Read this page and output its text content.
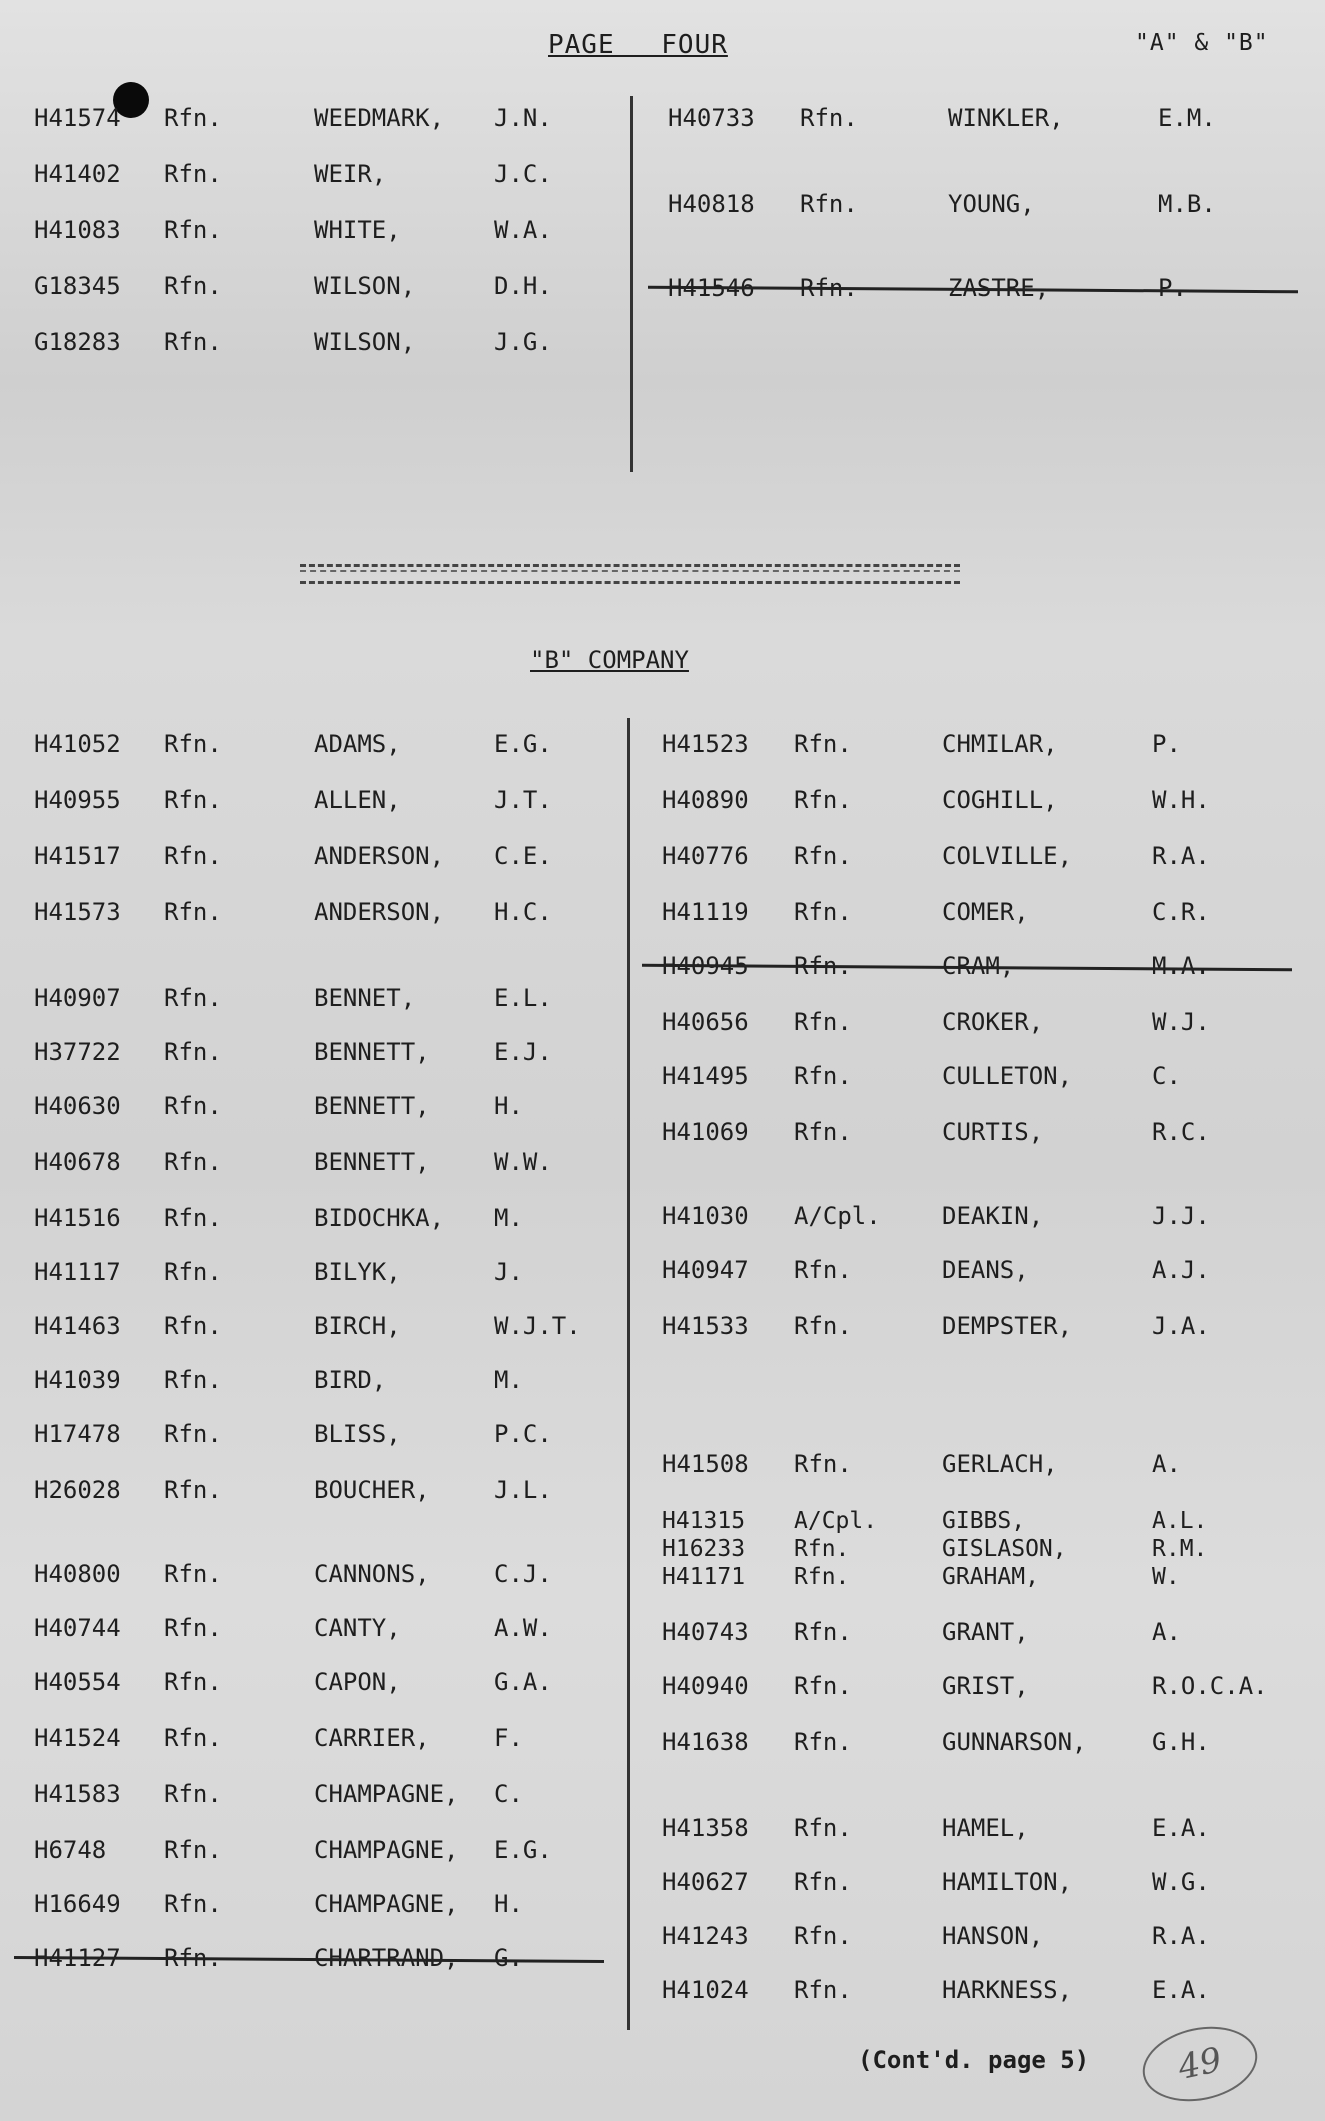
PAGE FOUR	"A" & "B"
H41574 Rfn.	WEEDMARK, J.N.
H41402 Rfn.	WEIR,	J.C.
H41083 Rfn.	WHITE,	W.A.
G18345 Rfn.	WILSON,	D.H.
G18283 Rfn.	WILSON,	J.G.
H40733 Rfn.	WINKLER,	E.M.
H40818 Rfn.	YOUNG,	M.B.
H41546 Rfn.	ZASTRE,	P.
"B" COMPANY
H41052 Rfn.	ADAMS,	E.G.
H40955 Rfn.	ALLEN,	J.T.
H41517 Rfn.	ANDERSON, C.E.
H41573 Rfn.	ANDERSON, H.C.
H40907 Rfn.	BENNET,	E.L.
H37722 Rfn.	BENNETT,	E.J.
H40630 Rfn.	BENNETT,	H.
H40678 Rfn.	BENNETT,	W.W.
H41516 Rfn.	BIDOCHKA, M.
H41117 Rfn.	BILYK,	J.
H41463 Rfn.	BIRCH,	W.J.T.
H41039 Rfn.	BIRD,	M.
H17478 Rfn.	BLISS,	P.C.
H26028 Rfn.	BOUCHER,	J.L.
H40800 Rfn.	CANNONS,	C.J.
H40744 Rfn.	CANTY,	A.W.
H40554 Rfn.	CAPON,	G.A.
H41524 Rfn.	CARRIER,	F.
H41583 Rfn.	CHAMPAGNE, C.
H6748 Rfn.	CHAMPAGNE, E.G.
H16649 Rfn.	CHAMPAGNE, H.
H41127 Rfn.	CHARTRAND, G.
H41523 Rfn.	CHMILAR,	P.
H40890 Rfn.	COGHILL,	W.H.
H40776 Rfn.	COLVILLE,	R.A.
H41119 Rfn.	COMER,	C.R.
H40945 Rfn.	CRAM,	M.A.
H40656 Rfn.	CROKER,	W.J.
H41495 Rfn.	CULLETON,	C.
H41069 Rfn.	CURTIS,	R.C.
H41030 A/Cpl.	DEAKIN,	J.J.
H40947 Rfn.	DEANS,	A.J.
H41533 Rfn.	DEMPSTER,	J.A.
H41508 Rfn.	GERLACH,	A.
H41315 A/Cpl.	GIBBS,	A.L.
H16233 Rfn.	GISLASON,	R.M.
H41171 Rfn.	GRAHAM,	W.
H40743 Rfn.	GRANT,	A.
H40940 Rfn.	GRIST,	R.O.C.A.
H41638 Rfn.	GUNNARSON,	G.H.
H41358 Rfn.	HAMEL,	E.A.
H40627 Rfn.	HAMILTON,	W.G.
H41243 Rfn.	HANSON,	R.A.
H41024 Rfn.	HARKNESS,	E.A.
(Cont'd. page 5)	49
